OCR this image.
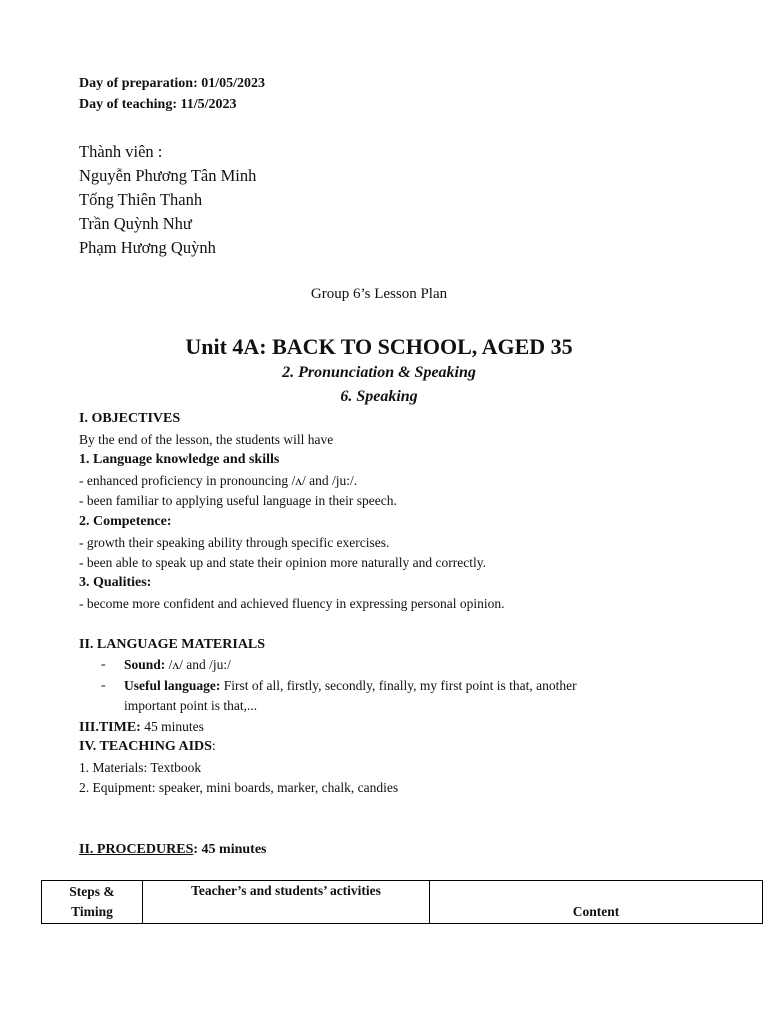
Day of preparation: 01/05/2023
Day of teaching: 11/5/2023
Thành viên :
Nguyễn Phương Tân Minh
Tống Thiên Thanh
Trần Quỳnh Như
Phạm Hương Quỳnh
Group 6’s Lesson Plan
Unit 4A: BACK TO SCHOOL, AGED 35
2. Pronunciation & Speaking
6. Speaking
I. OBJECTIVES
By the end of the lesson, the students will have
1. Language knowledge and skills
- enhanced proficiency in pronouncing /ʌ/ and /ju:/.
- been familiar to applying useful language in their speech.
2. Competence:
- growth their speaking ability through specific exercises.
- been able to speak up and state their opinion more naturally and correctly.
3. Qualities:
- become more confident and achieved fluency in expressing personal opinion.
II. LANGUAGE MATERIALS
- Sound: /ʌ/ and /ju:/
- Useful language: First of all, firstly, secondly, finally, my first point is that, another
important point is that,...
III.TIME: 45 minutes
IV. TEACHING AIDS:
1. Materials: Textbook
2. Equipment: speaker, mini boards, marker, chalk, candies
II. PROCEDURES: 45 minutes
Steps &
Timing
	Teacher’s and students’ activities	Content
